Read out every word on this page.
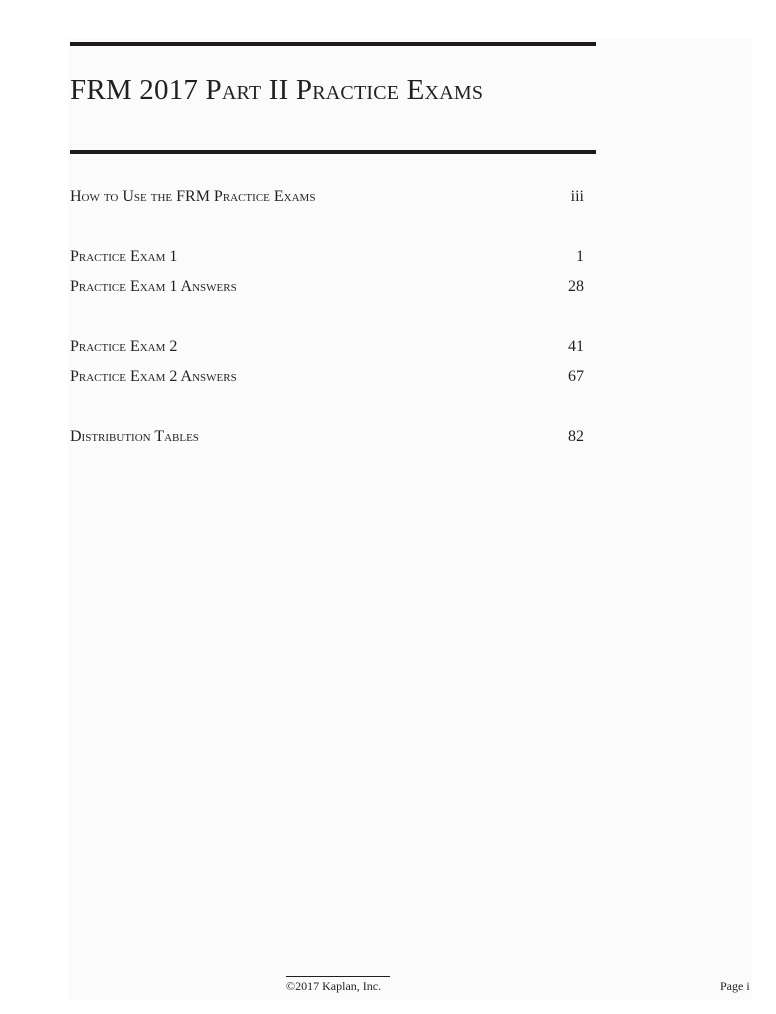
FRM 2017 Part II Practice Exams
How to Use the FRM Practice Exams	iii
Practice Exam 1	1
Practice Exam 1 Answers	28
Practice Exam 2	41
Practice Exam 2 Answers	67
Distribution Tables	82
©2017 Kaplan, Inc.	Page i
